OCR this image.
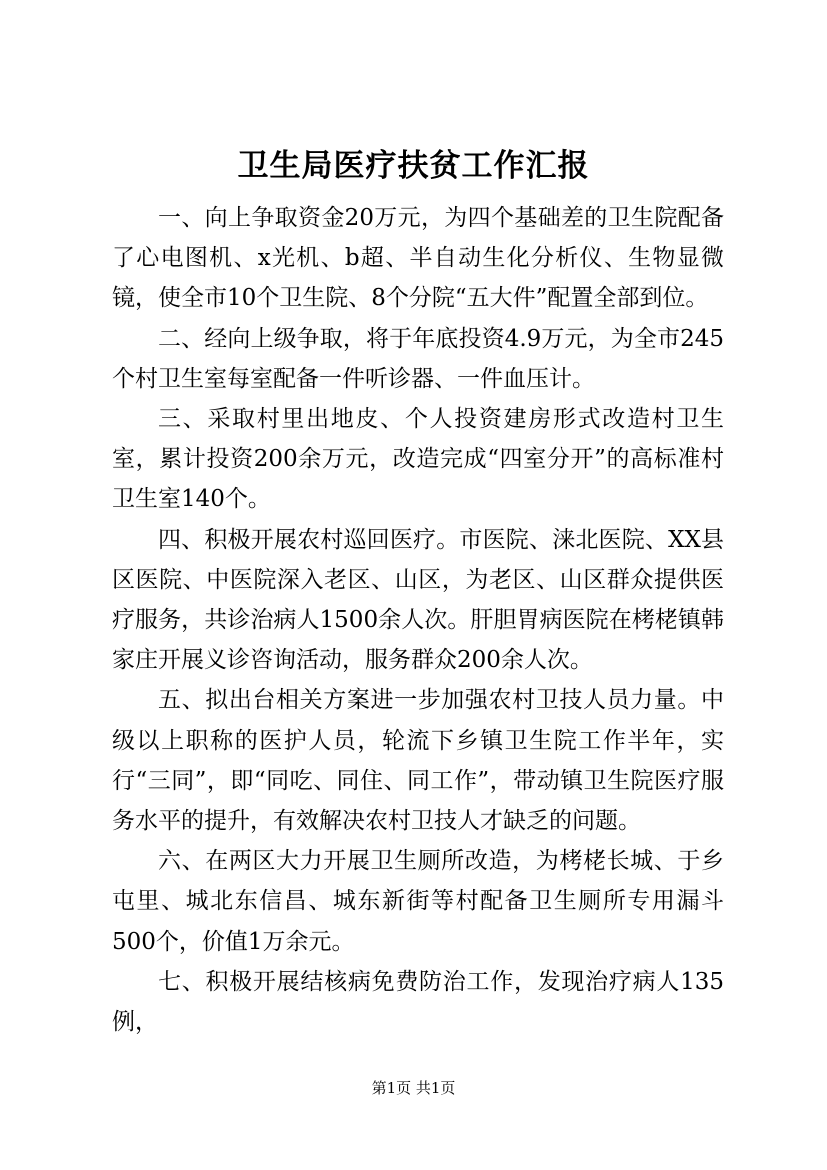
卫生局医疗扶贫工作汇报

一、向上争取资金20万元，为四个基础差的卫生院配备了心电图机、x光机、b超、半自动生化分析仪、生物显微镜，使全市10个卫生院、8个分院“五大件”配置全部到位。

二、经向上级争取，将于年底投资4.9万元，为全市245个村卫生室每室配备一件听诊器、一件血压计。

三、采取村里出地皮、个人投资建房形式改造村卫生室，累计投资200余万元，改造完成“四室分开”的高标准村卫生室140个。

四、积极开展农村巡回医疗。市医院、涞北医院、XX县区医院、中医院深入老区、山区，为老区、山区群众提供医疗服务，共诊治病人1500余人次。肝胆胃病医院在栲栳镇韩家庄开展义诊咨询活动，服务群众200余人次。

五、拟出台相关方案进一步加强农村卫技人员力量。中级以上职称的医护人员，轮流下乡镇卫生院工作半年，实行“三同”，即“同吃、同住、同工作”，带动镇卫生院医疗服务水平的提升，有效解决农村卫技人才缺乏的问题。

六、在两区大力开展卫生厕所改造，为栲栳长城、于乡屯里、城北东信昌、城东新街等村配备卫生厕所专用漏斗500个，价值1万余元。

七、积极开展结核病免费防治工作，发现治疗病人135例，

第1页 共1页
